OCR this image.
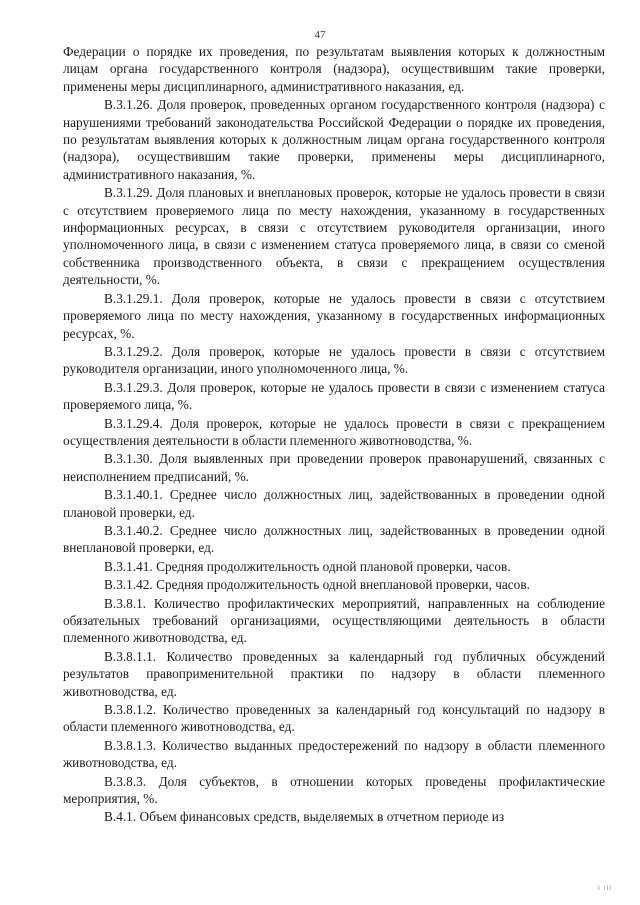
47

Федерации о порядке их проведения, по результатам выявления которых к должностным лицам органа государственного контроля (надзора), осуществившим такие проверки, применены меры дисциплинарного, административного наказания, ед.

В.3.1.26. Доля проверок, проведенных органом государственного контроля (надзора) с нарушениями требований законодательства Российской Федерации о порядке их проведения, по результатам выявления которых к должностным лицам органа государственного контроля (надзора), осуществившим такие проверки, применены меры дисциплинарного, административного наказания, %.

В.3.1.29. Доля плановых и внеплановых проверок, которые не удалось провести в связи с отсутствием проверяемого лица по месту нахождения, указанному в государственных информационных ресурсах, в связи с отсутствием руководителя организации, иного уполномоченного лица, в связи с изменением статуса проверяемого лица, в связи со сменой собственника производственного объекта, в связи с прекращением осуществления деятельности, %.

В.3.1.29.1. Доля проверок, которые не удалось провести в связи с отсутствием проверяемого лица по месту нахождения, указанному в государственных информационных ресурсах, %.

В.3.1.29.2. Доля проверок, которые не удалось провести в связи с отсутствием руководителя организации, иного уполномоченного лица, %.

В.3.1.29.3. Доля проверок, которые не удалось провести в связи с изменением статуса проверяемого лица, %.

В.3.1.29.4. Доля проверок, которые не удалось провести в связи с прекращением осуществления деятельности в области племенного животноводства, %.

В.3.1.30. Доля выявленных при проведении проверок правонарушений, связанных с неисполнением предписаний, %.

В.3.1.40.1. Среднее число должностных лиц, задействованных в проведении одной плановой проверки, ед.

В.3.1.40.2. Среднее число должностных лиц, задействованных в проведении одной внеплановой проверки, ед.

В.3.1.41. Средняя продолжительность одной плановой проверки, часов.

В.3.1.42. Средняя продолжительность одной внеплановой проверки, часов.

В.3.8.1. Количество профилактических мероприятий, направленных на соблюдение обязательных требований организациями, осуществляющими деятельность в области племенного животноводства, ед.

В.3.8.1.1. Количество проведенных за календарный год публичных обсуждений результатов правоприменительной практики по надзору в области племенного животноводства, ед.

В.3.8.1.2. Количество проведенных за календарный год консультаций по надзору в области племенного животноводства, ед.

В.3.8.1.3. Количество выданных предостережений по надзору в области племенного животноводства, ед.

В.3.8.3. Доля субъектов, в отношении которых проведены профилактические мероприятия, %.

В.4.1. Объем финансовых средств, выделяемых в отчетном периоде из

I III
